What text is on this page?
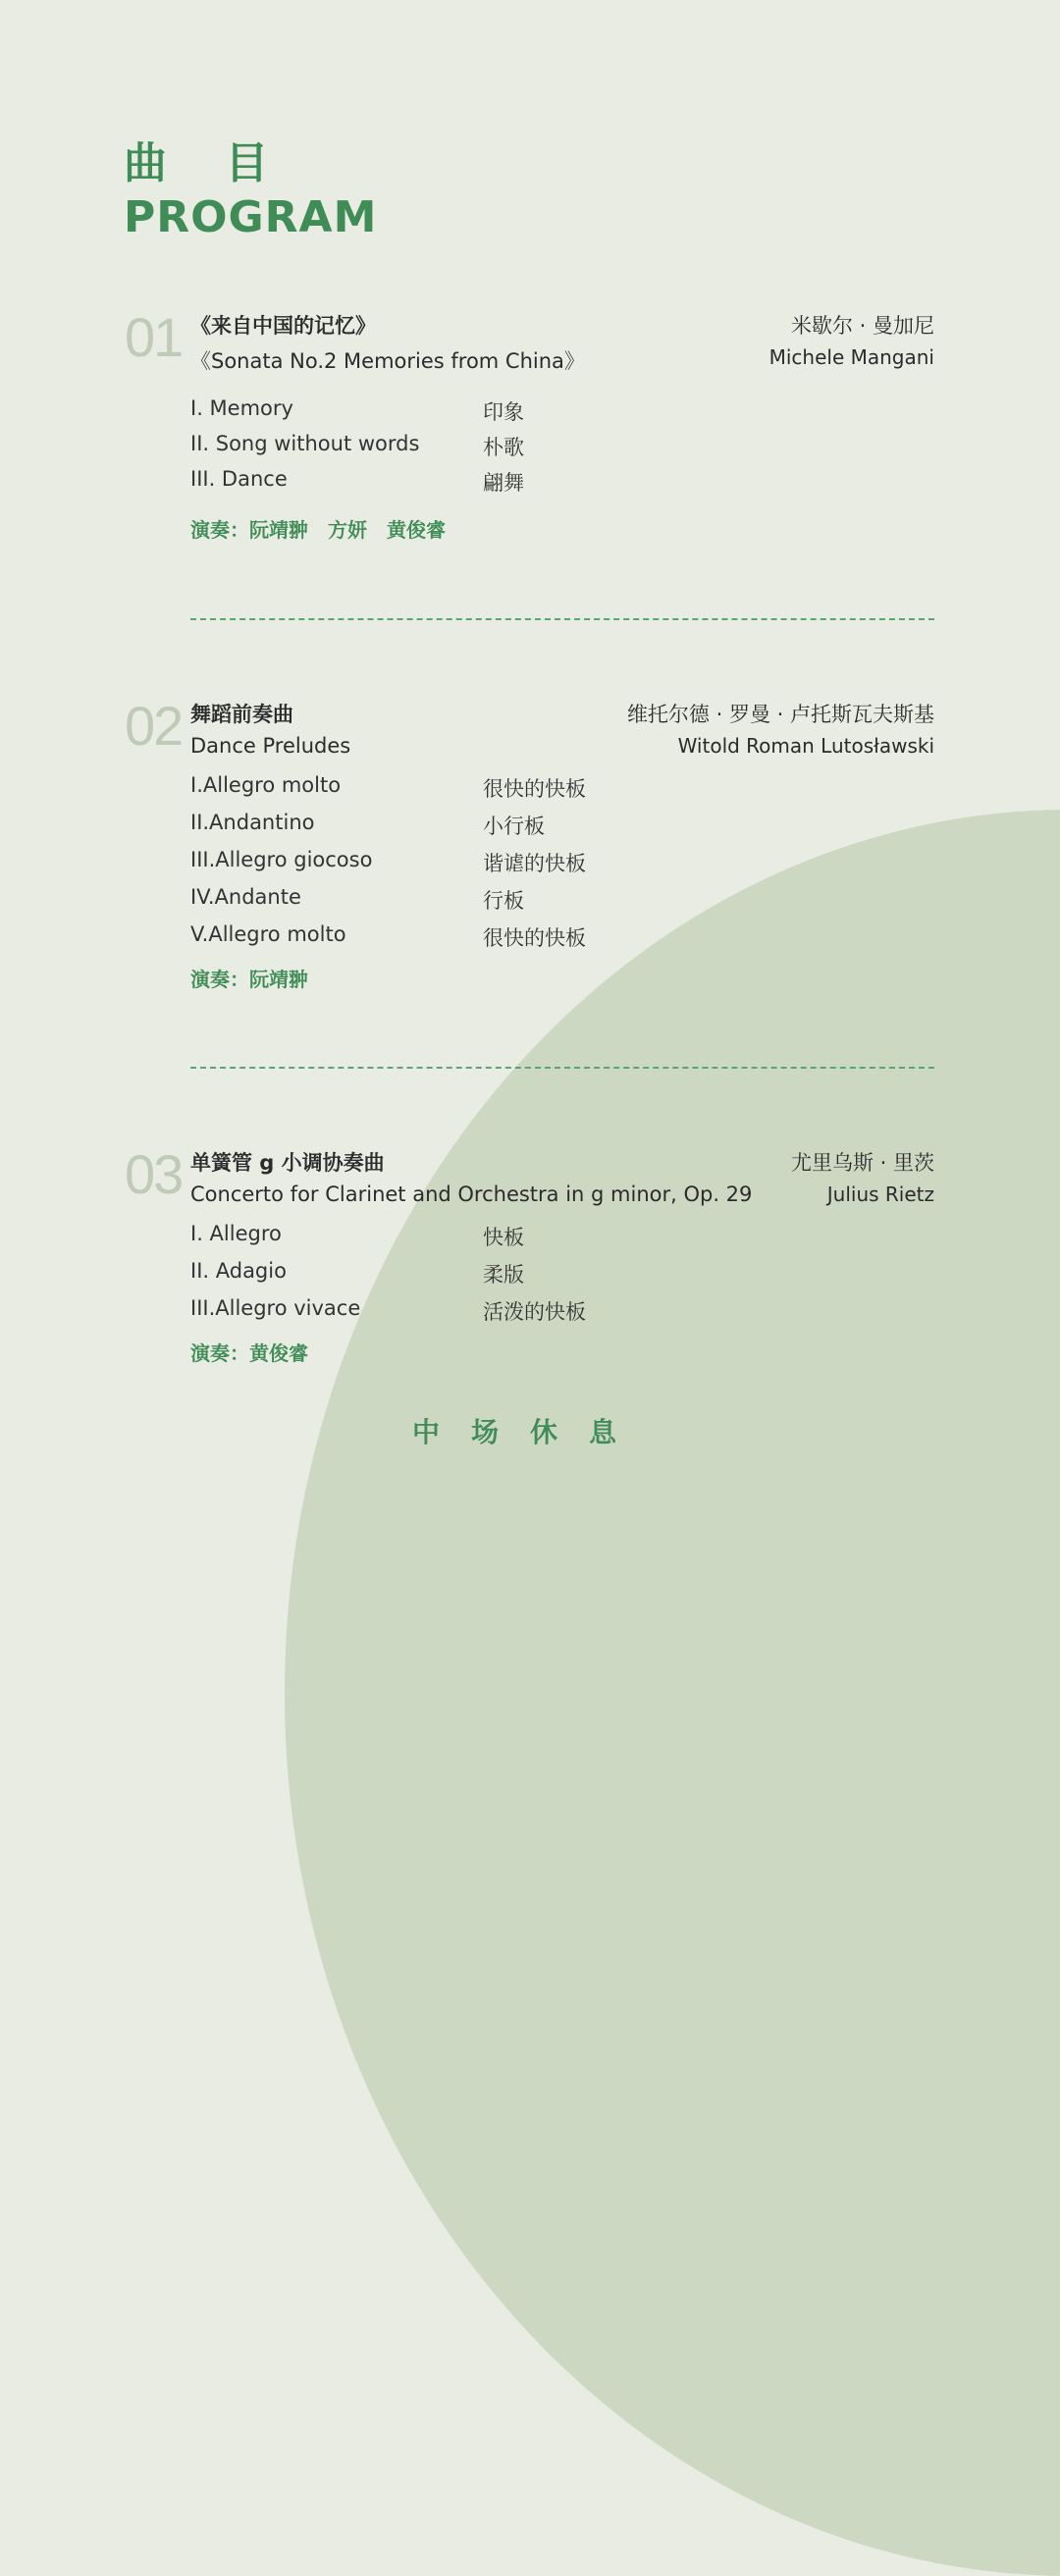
曲 目
PROGRAM
01 《来自中国的记忆》
《Sonata No.2 Memories from China》
米歇尔 · 曼加尼
Michele Mangani
I. Memory	印象
II. Song without words	朴歌
III. Dance	翩舞
演奏：阮靖翀　方妍　黄俊睿
02 舞蹈前奏曲
Dance Preludes
维托尔德 · 罗曼 · 卢托斯瓦夫斯基
Witold Roman Lutosławski
I.Allegro molto	很快的快板
II.Andantino	小行板
III.Allegro giocoso	谐谑的快板
IV.Andante	行板
V.Allegro molto	很快的快板
演奏：阮靖翀
03 单簧管 g 小调协奏曲
Concerto for Clarinet and Orchestra in g minor, Op. 29
尤里乌斯 · 里茨
Julius Rietz
I. Allegro	快板
II. Adagio	柔版
III.Allegro vivace	活泼的快板
演奏：黄俊睿
中场休息
